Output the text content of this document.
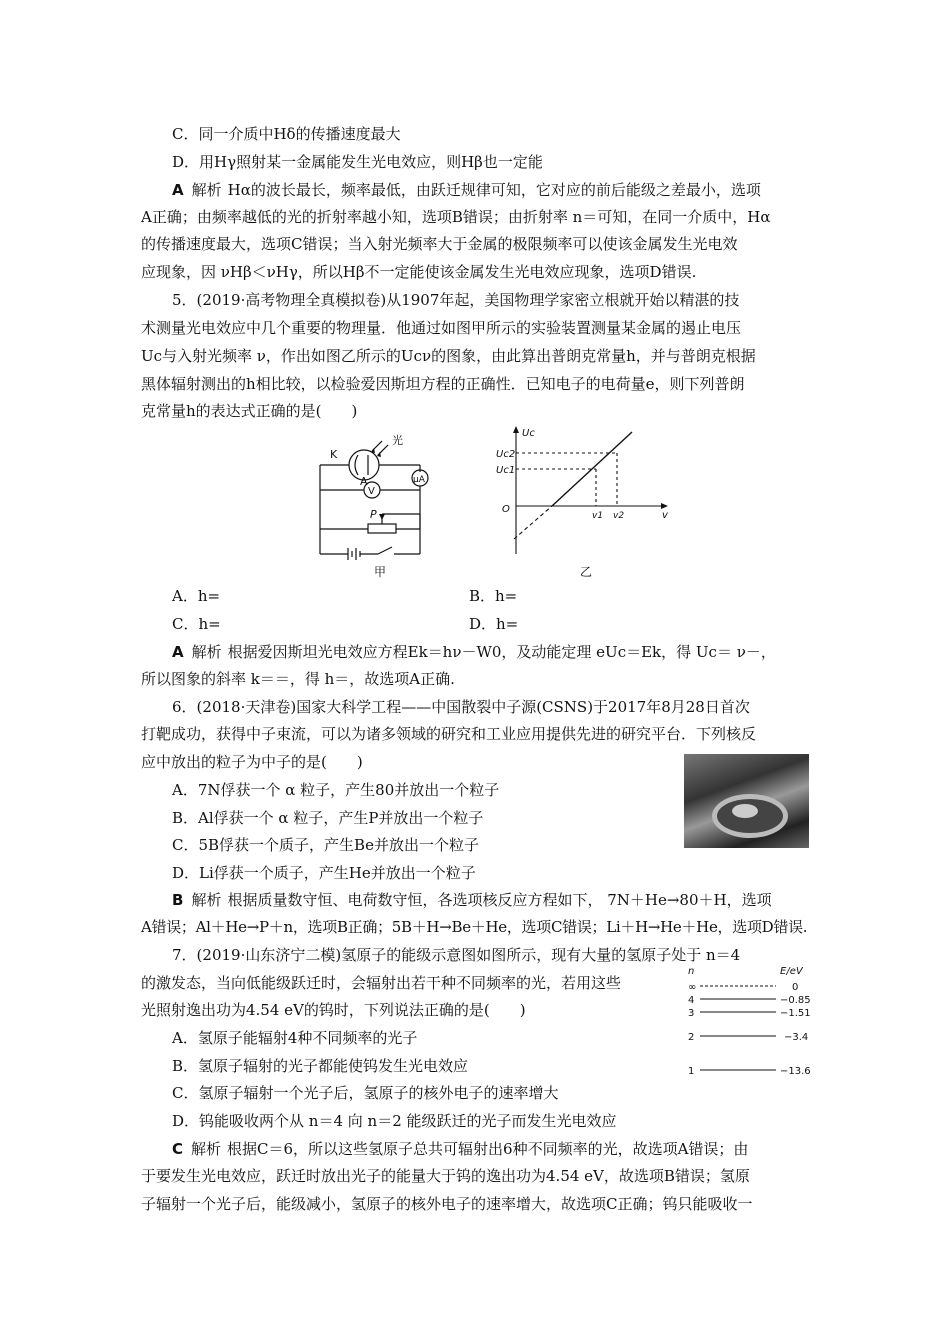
C．同一介质中Hδ的传播速度最大
D．用Hγ照射某一金属能发生光电效应，则Hβ也一定能
A 解析 Hα的波长最长，频率最低，由跃迁规律可知，它对应的前后能级之差最小，选项
A正确；由频率越低的光的折射率越小知，选项B错误；由折射率 n＝可知，在同一介质中，Hα
的传播速度最大，选项C错误；当入射光频率大于金属的极限频率可以使该金属发生光电效
应现象，因 νHβ＜νHγ，所以Hβ不一定能使该金属发生光电效应现象，选项D错误.
5．(2019·高考物理全真模拟卷)从1907年起，美国物理学家密立根就开始以精湛的技
术测量光电效应中几个重要的物理量．他通过如图甲所示的实验装置测量某金属的遏止电压
Uc与入射光频率 ν，作出如图乙所示的Ucν的图象，由此算出普朗克常量h，并与普朗克根据
黑体辐射测出的h相比较，以检验爱因斯坦方程的正确性．已知电子的电荷量e，则下列普朗
克常量h的表达式正确的是(　　)
光
K
A	μA
V
P
甲
Uc
Uc2
Uc1
O
v1 v2	v
乙
A．h=	B．h=
C．h=	D．h=
A 解析 根据爱因斯坦光电效应方程Ek＝hν－W0，及动能定理 eUc＝Ek，得 Uc＝ ν－，
所以图象的斜率 k＝＝，得 h＝，故选项A正确.
6．(2018·天津卷)国家大科学工程——中国散裂中子源(CSNS)于2017年8月28日首次
打靶成功，获得中子束流，可以为诸多领域的研究和工业应用提供先进的研究平台．下列核反
应中放出的粒子为中子的是(　　)
A．7N俘获一个 α 粒子，产生80并放出一个粒子
B．Al俘获一个 α 粒子，产生P并放出一个粒子
C．5B俘获一个质子，产生Be并放出一个粒子
D．Li俘获一个质子，产生He并放出一个粒子
B 解析 根据质量数守恒、电荷数守恒，各选项核反应方程如下， 7N＋He→80＋H，选项
A错误；Al＋He→P＋n，选项B正确；5B＋H→Be＋He，选项C错误；Li＋H→He＋He，选项D错误.
7．(2019·山东济宁二模)氢原子的能级示意图如图所示，现有大量的氢原子处于 n＝4
的激发态，当向低能级跃迁时，会辐射出若干种不同频率的光，若用这些
光照射逸出功为4.54 eV的钨时，下列说法正确的是(　　)
n	E/eV
∞	0
4	−0.85
3	−1.51
2	−3.4
1	−13.6
A．氢原子能辐射4种不同频率的光子
B．氢原子辐射的光子都能使钨发生光电效应
C．氢原子辐射一个光子后，氢原子的核外电子的速率增大
D．钨能吸收两个从 n＝4 向 n＝2 能级跃迁的光子而发生光电效应
C 解析 根据C＝6，所以这些氢原子总共可辐射出6种不同频率的光，故选项A错误；由
于要发生光电效应，跃迁时放出光子的能量大于钨的逸出功为4.54 eV，故选项B错误；氢原
子辐射一个光子后，能级减小，氢原子的核外电子的速率增大，故选项C正确；钨只能吸收一
